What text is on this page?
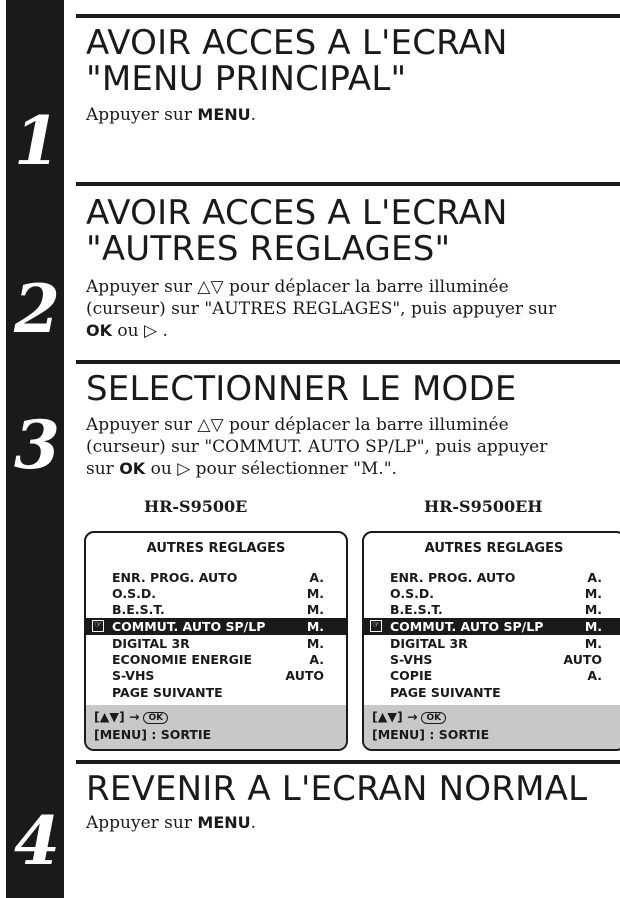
1
AVOIR ACCES A L'ECRAN
"MENU PRINCIPAL"
Appuyer sur MENU.
2
AVOIR ACCES A L'ECRAN
"AUTRES REGLAGES"
Appuyer sur △▽ pour déplacer la barre illuminée
(curseur) sur "AUTRES REGLAGES", puis appuyer sur
OK ou ▷ .
3
SELECTIONNER LE MODE
Appuyer sur △▽ pour déplacer la barre illuminée
(curseur) sur "COMMUT. AUTO SP/LP", puis appuyer
sur OK ou ▷ pour sélectionner "M.".
HR-S9500E	HR-S9500EH
AUTRES REGLAGES
ENR. PROG. AUTO	A.
O.S.D.	M.
B.E.S.T.	M.
☞ COMMUT. AUTO SP/LP	M.
DIGITAL 3R	M.
ECONOMIE ENERGIE	A.
S-VHS	AUTO
PAGE SUIVANTE
[▲▼] → OK
[MENU] : SORTIE
AUTRES REGLAGES
ENR. PROG. AUTO	A.
O.S.D.	M.
B.E.S.T.	M.
☞ COMMUT. AUTO SP/LP	M.
DIGITAL 3R	M.
S-VHS	AUTO
COPIE	A.
PAGE SUIVANTE
[▲▼] → OK
[MENU] : SORTIE
4
REVENIR A L'ECRAN NORMAL
Appuyer sur MENU.
